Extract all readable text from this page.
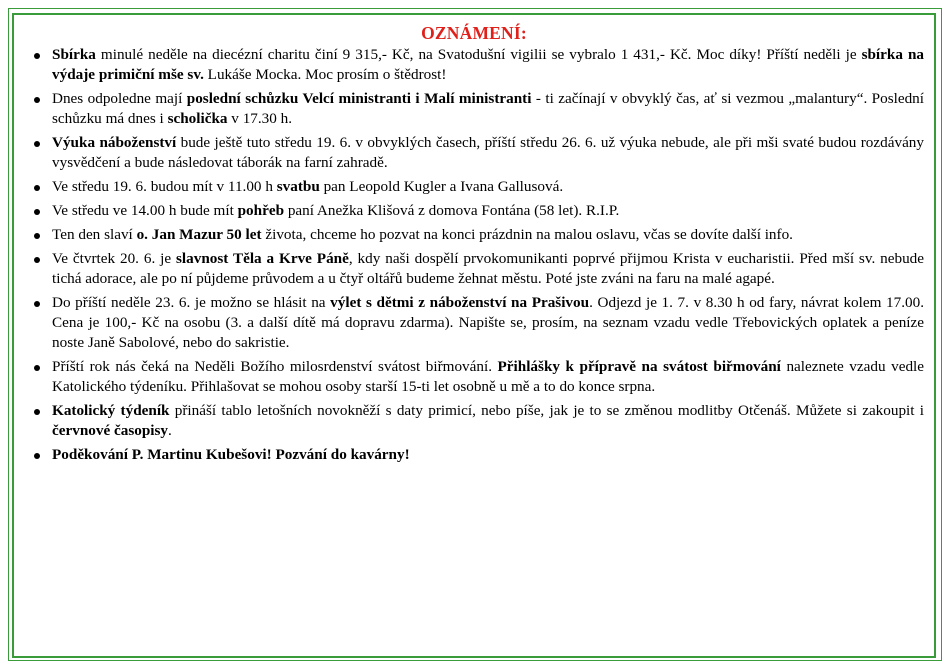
OZNÁMENÍ:
Sbírka minulé neděle na diecézní charitu činí 9 315,- Kč, na Svatodušní vigilii se vybralo 1 431,- Kč. Moc díky! Příští neděli je sbírka na výdaje primiční mše sv. Lukáše Mocka. Moc prosím o štědrost!
Dnes odpoledne mají poslední schůzku Velcí ministranti i Malí ministranti - ti začínají v obvyklý čas, ať si vezmou „malantury“. Poslední schůzku má dnes i scholička v 17.30 h.
Výuka náboženství bude ještě tuto středu 19. 6. v obvyklých časech, příští středu 26. 6. už výuka nebude, ale při mši svaté budou rozdávány vysvědčení a bude následovat táborák na farní zahradě.
Ve středu 19. 6. budou mít v 11.00 h svatbu pan Leopold Kugler a Ivana Gallusová.
Ve středu ve 14.00 h bude mít pohřeb paní Anežka Klišová z domova Fontána (58 let). R.I.P.
Ten den slaví o. Jan Mazur 50 let života, chceme ho pozvat na konci prázdnin na malou oslavu, včas se dovíte další info.
Ve čtvrtek 20. 6. je slavnost Těla a Krve Páně, kdy naši dospělí prvokomunikanti poprvé přijmou Krista v eucharistii. Před mší sv. nebude tichá adorace, ale po ní půjdeme průvodem a u čtyř oltářů budeme žehnat městu. Poté jste zváni na faru na malé agapé.
Do příští neděle 23. 6. je možno se hlásit na výlet s dětmi z náboženství na Prašivou. Odjezd je 1. 7. v 8.30 h od fary, návrat kolem 17.00. Cena je 100,- Kč na osobu (3. a další dítě má dopravu zdarma). Napište se, prosím, na seznam vzadu vedle Třebovických oplatek a peníze noste Janě Sabolové, nebo do sakristie.
Příští rok nás čeká na Neděli Božího milosrdenství svátost biřmování. Přihlášky k přípravě na svátost biřmování naleznete vzadu vedle Katolického týdeníku. Přihlašovat se mohou osoby starší 15-ti let osobně u mě a to do konce srpna.
Katolický týdeník přináší tablo letošních novokněží s daty primicí, nebo píše, jak je to se změnou modlitby Otčenáš. Můžete si zakoupit i červnové časopisy.
Poděkování P. Martinu Kubešovi! Pozvání do kavárny!
